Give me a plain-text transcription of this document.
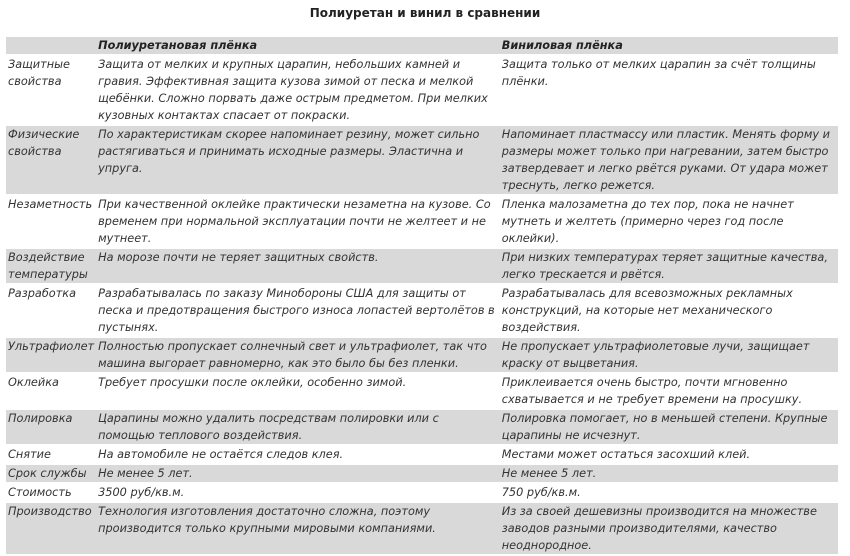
Полиуретан и винил в сравнении
	Полиуретановая плёнка	Виниловая плёнка
Защитные свойства	Защита от мелких и крупных царапин, небольших камней и гравия. Эффективная защита кузова зимой от песка и мелкой щебёнки. Сложно порвать даже острым предметом. При мелких кузовных контактах спасает от покраски.	Защита только от мелких царапин за счёт толщины плёнки.
Физические свойства	По характеристикам скорее напоминает резину, может сильно растягиваться и принимать исходные размеры. Эластична и упруга.	Напоминает пластмассу или пластик. Менять форму и размеры может только при нагревании, затем быстро затвердевает и легко рвётся руками. От удара может треснуть, легко режется.
Незаметность	При качественной оклейке практически незаметна на кузове. Со временем при нормальной эксплуатации почти не желтеет и не мутнеет.	Пленка малозаметна до тех пор, пока не начнет мутнеть и желтеть (примерно через год после оклейки).
Воздействие температуры	На морозе почти не теряет защитных свойств.	При низких температурах теряет защитные качества, легко трескается и рвётся.
Разработка	Разрабатывалась по заказу Минобороны США для защиты от песка и предотвращения быстрого износа лопастей вертолётов в пустынях.	Разрабатывалась для всевозможных рекламных конструкций, на которые нет механического воздействия.
Ультрафиолет	Полностью пропускает солнечный свет и ультрафиолет, так что машина выгорает равномерно, как это было бы без пленки.	Не пропускает ультрафиолетовые лучи, защищает краску от выцветания.
Оклейка	Требует просушки после оклейки, особенно зимой.	Приклеивается очень быстро, почти мгновенно схватывается и не требует времени на просушку.
Полировка	Царапины можно удалить посредствам полировки или с помощью теплового воздействия.	Полировка помогает, но в меньшей степени. Крупные царапины не исчезнут.
Снятие	На автомобиле не остаётся следов клея.	Местами может остаться засохший клей.
Срок службы	Не менее 5 лет.	Не менее 5 лет.
Стоимость	3500 руб/кв.м.	750 руб/кв.м.
Производство	Технология изготовления достаточно сложна, поэтому производится только крупными мировыми компаниями.	Из за своей дешевизны производится на множестве заводов разными производителями, качество неоднородное.
